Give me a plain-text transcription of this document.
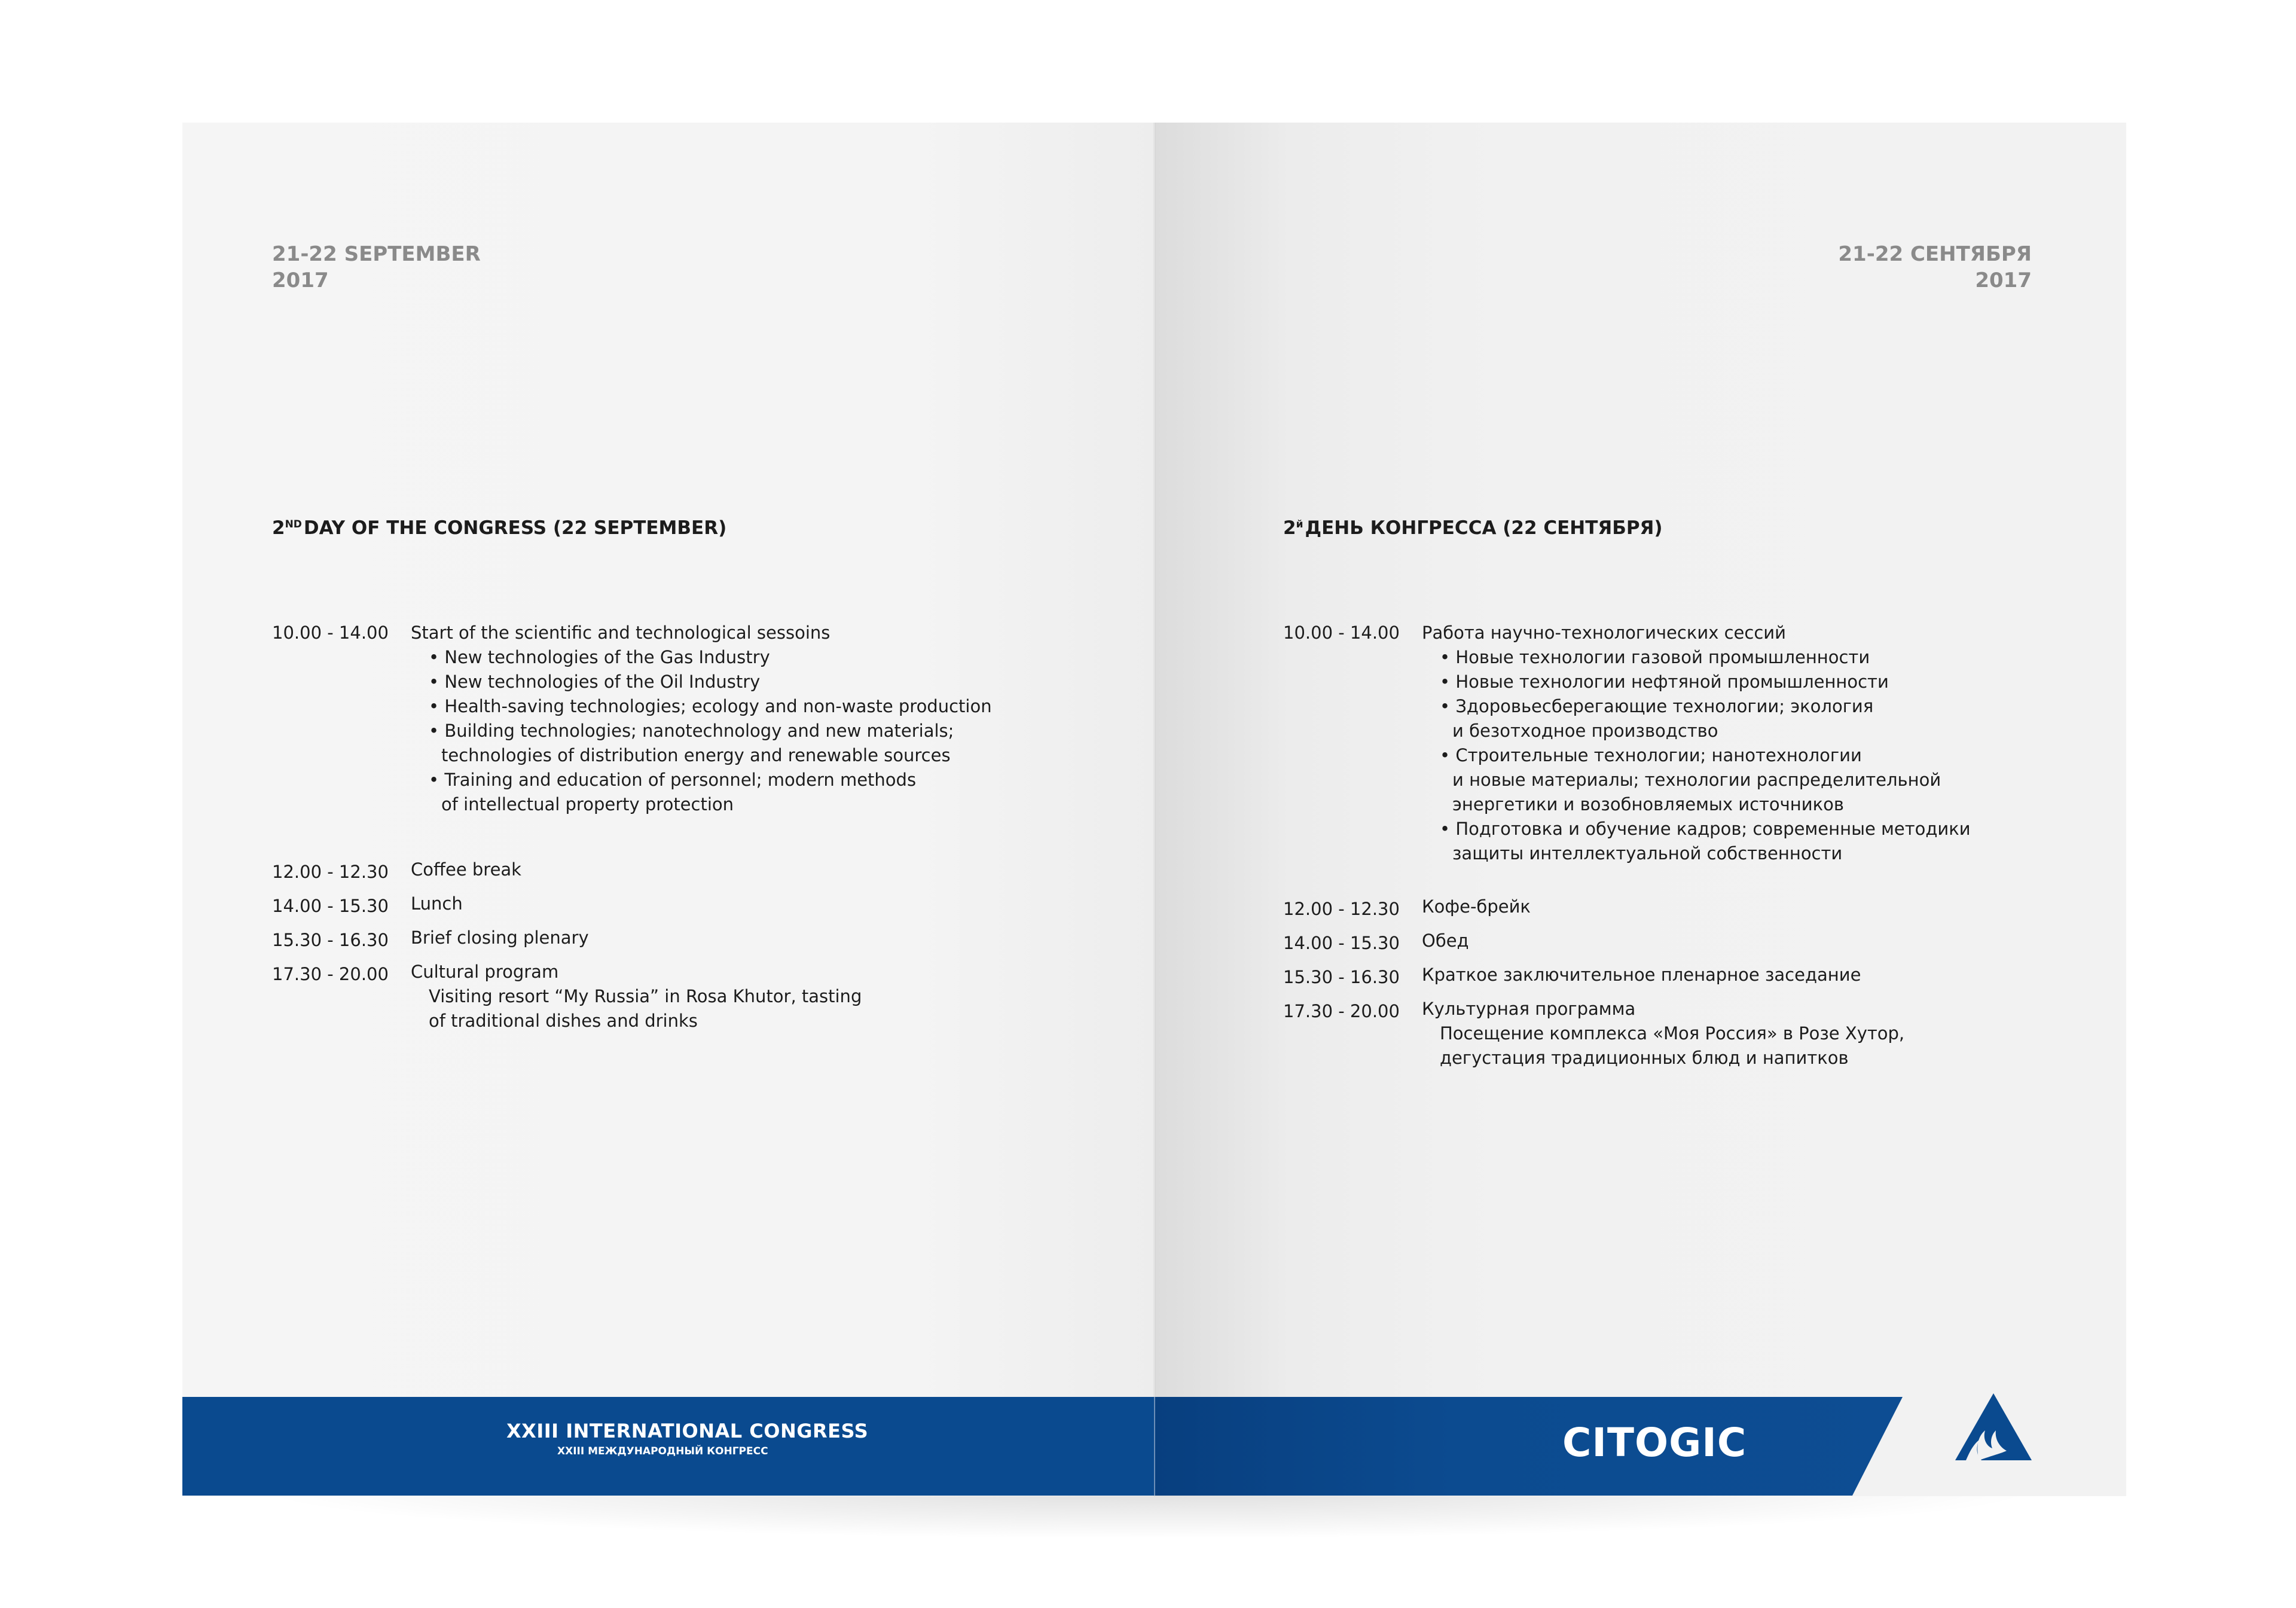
21-22 SEPTEMBER
2017
2NDDAY OF THE CONGRESS (22 SEPTEMBER)
10.00 - 14.00 Start of the scientific and technological sessoins
• New technologies of the Gas Industry
• New technologies of the Oil Industry
• Health-saving technologies; ecology and non-waste production
• Building technologies; nanotechnology and new materials;
technologies of distribution energy and renewable sources
• Training and education of personnel; modern methods
of intellectual property protection
12.00 - 12.30 Coffee break
14.00 - 15.30 Lunch
15.30 - 16.30 Brief closing plenary
17.30 - 20.00 Cultural program
Visiting resort “My Russia” in Rosa Khutor, tasting
of traditional dishes and drinks
21-22 СЕНТЯБРЯ
2017
$2^йДЕНЬ$ КОНГРЕССА (22 СЕНТЯБРЯ)
10.00 - 14.00 Работа научно-технологических сессий
• Новые технологии газовой промышленности
• Новые технологии нефтяной промышленности
• Здоровьесберегающие технологии; экология
и безотходное производство
• Строительные технологии; нанотехнологии
и новые материалы; технологии распределительной
энергетики и возобновляемых источников
• Подготовка и обучение кадров; современные методики
защиты интеллектуальной собственности
12.00 - 12.30 Кофе-брейк
14.00 - 15.30 Обед
15.30 - 16.30 Краткое заключительное пленарное заседание
17.30 - 20.00 Культурная программа
Посещение комплекса «Моя Россия» в Розе Хутор,
дегустация традиционных блюд и напитков
XXIII INTERNATIONAL CONGRESS
XXIII МЕЖДУНАРОДНЫЙ КОНГРЕСС	CITOGIC
